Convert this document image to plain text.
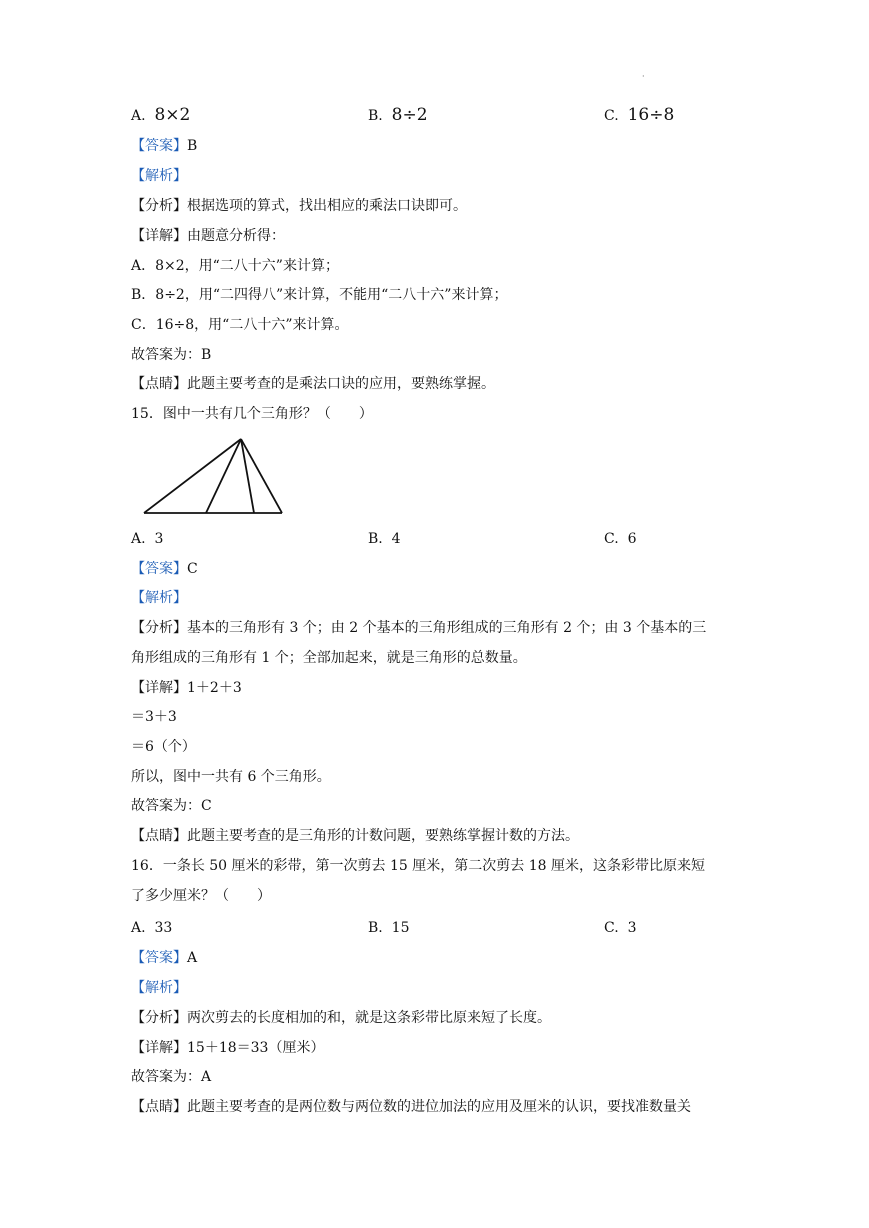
·
A. 8×2	B. 8÷2	C. 16÷8
【答案】B
【解析】
【分析】根据选项的算式，找出相应的乘法口诀即可。
【详解】由题意分析得：
A．8×2，用“二八十六”来计算；
B．8÷2，用“二四得八”来计算，不能用“二八十六”来计算；
C．16÷8，用“二八十六”来计算。
故答案为：B
【点睛】此题主要考查的是乘法口诀的应用，要熟练掌握。
15．图中一共有几个三角形？（　　）
A. 3	B. 4	C. 6
【答案】C
【解析】
【分析】基本的三角形有 3 个；由 2 个基本的三角形组成的三角形有 2 个；由 3 个基本的三
角形组成的三角形有 1 个；全部加起来，就是三角形的总数量。
【详解】1＋2＋3
＝3＋3
＝6（个）
所以，图中一共有 6 个三角形。
故答案为：C
【点睛】此题主要考查的是三角形的计数问题，要熟练掌握计数的方法。
16．一条长 50 厘米的彩带，第一次剪去 15 厘米，第二次剪去 18 厘米，这条彩带比原来短
了多少厘米？（　　）
A. 33	B. 15	C. 3
【答案】A
【解析】
【分析】两次剪去的长度相加的和，就是这条彩带比原来短了长度。
【详解】15＋18＝33（厘米）
故答案为：A
【点睛】此题主要考查的是两位数与两位数的进位加法的应用及厘米的认识，要找准数量关
